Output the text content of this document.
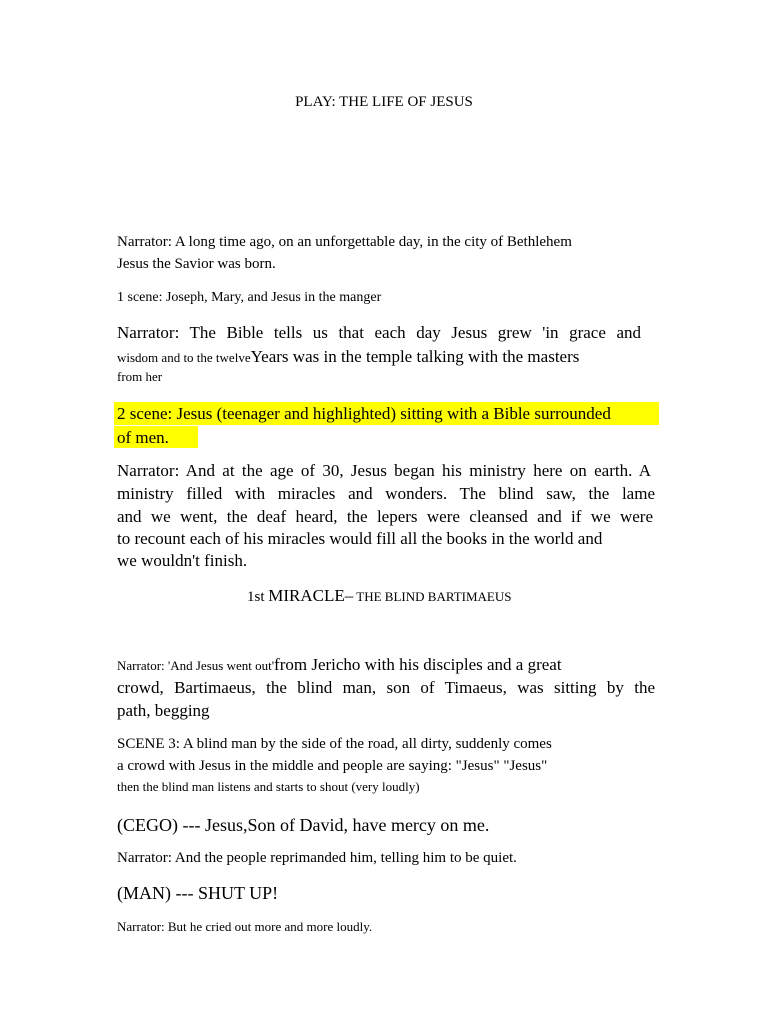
PLAY: THE LIFE OF JESUS
Narrator: A long time ago, on an unforgettable day, in the city of Bethlehem
Jesus the Savior was born.
1 scene: Joseph, Mary, and Jesus in the manger
Narrator: The Bible tells us that each day Jesus grew 'in grace and
wisdom and to the twelveYears was in the temple talking with the masters
from her
2 scene: Jesus (teenager and highlighted) sitting with a Bible surrounded
of men.
Narrator: And at the age of 30, Jesus began his ministry here on earth. A
ministry filled with miracles and wonders. The blind saw, the lame
and we went, the deaf heard, the lepers were cleansed and if we were
to recount each of his miracles would fill all the books in the world and
we wouldn't finish.
1st MIRACLE– THE BLIND BARTIMAEUS
Narrator: 'And Jesus went out'from Jericho with his disciples and a great
crowd, Bartimaeus, the blind man, son of Timaeus, was sitting by the
path, begging
SCENE 3: A blind man by the side of the road, all dirty, suddenly comes
a crowd with Jesus in the middle and people are saying: "Jesus" "Jesus"
then the blind man listens and starts to shout (very loudly)
(CEGO) --- Jesus,Son of David, have mercy on me.
Narrator: And the people reprimanded him, telling him to be quiet.
(MAN) --- SHUT UP!
Narrator: But he cried out more and more loudly.
